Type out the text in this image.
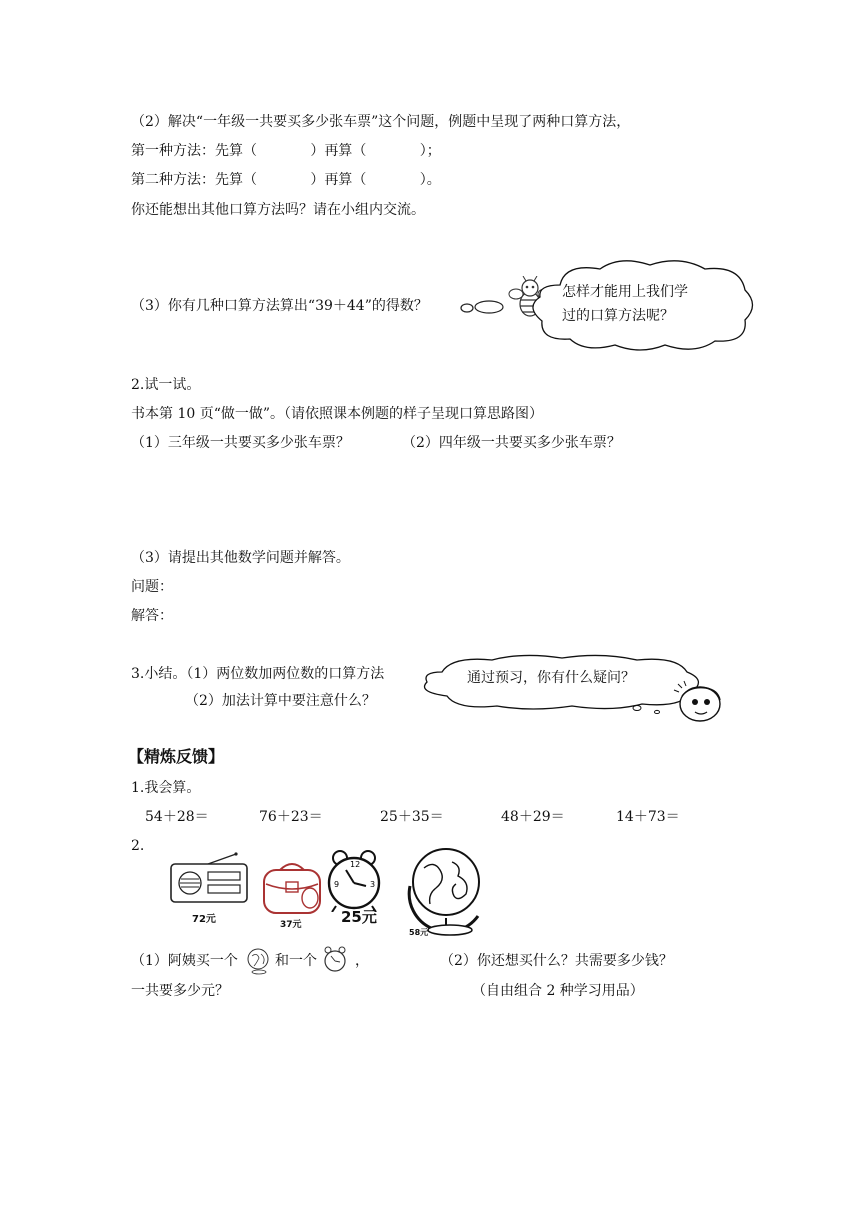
（2）解决“一年级一共要买多少张车票”这个问题，例题中呈现了两种口算方法，
第一种方法：先算（            ）再算（            ）；
第二种方法：先算（            ）再算（            ）。
你还能想出其他口算方法吗？请在小组内交流。
（3）你有几种口算方法算出“39＋44”的得数？
怎样才能用上我们学
过的口算方法呢？
2.试一试。
书本第 10 页“做一做”。（请依照课本例题的样子呈现口算思路图）
（1）三年级一共要买多少张车票？	（2）四年级一共要买多少张车票？
（3）请提出其他数学问题并解答。
问题：
解答：
3.小结。（1）两位数加两位数的口算方法
（2）加法计算中要注意什么？
通过预习，你有什么疑问？
【精炼反馈】
1.我会算。
54＋28＝	76＋23＝	25＋35＝	48＋29＝	14＋73＝
2.
72元	37元
12
9	3
25元
58元
（1）阿姨买一个	和一个	，
一共要多少元？
（2）你还想买什么？共需要多少钱？
（自由组合 2 种学习用品）
